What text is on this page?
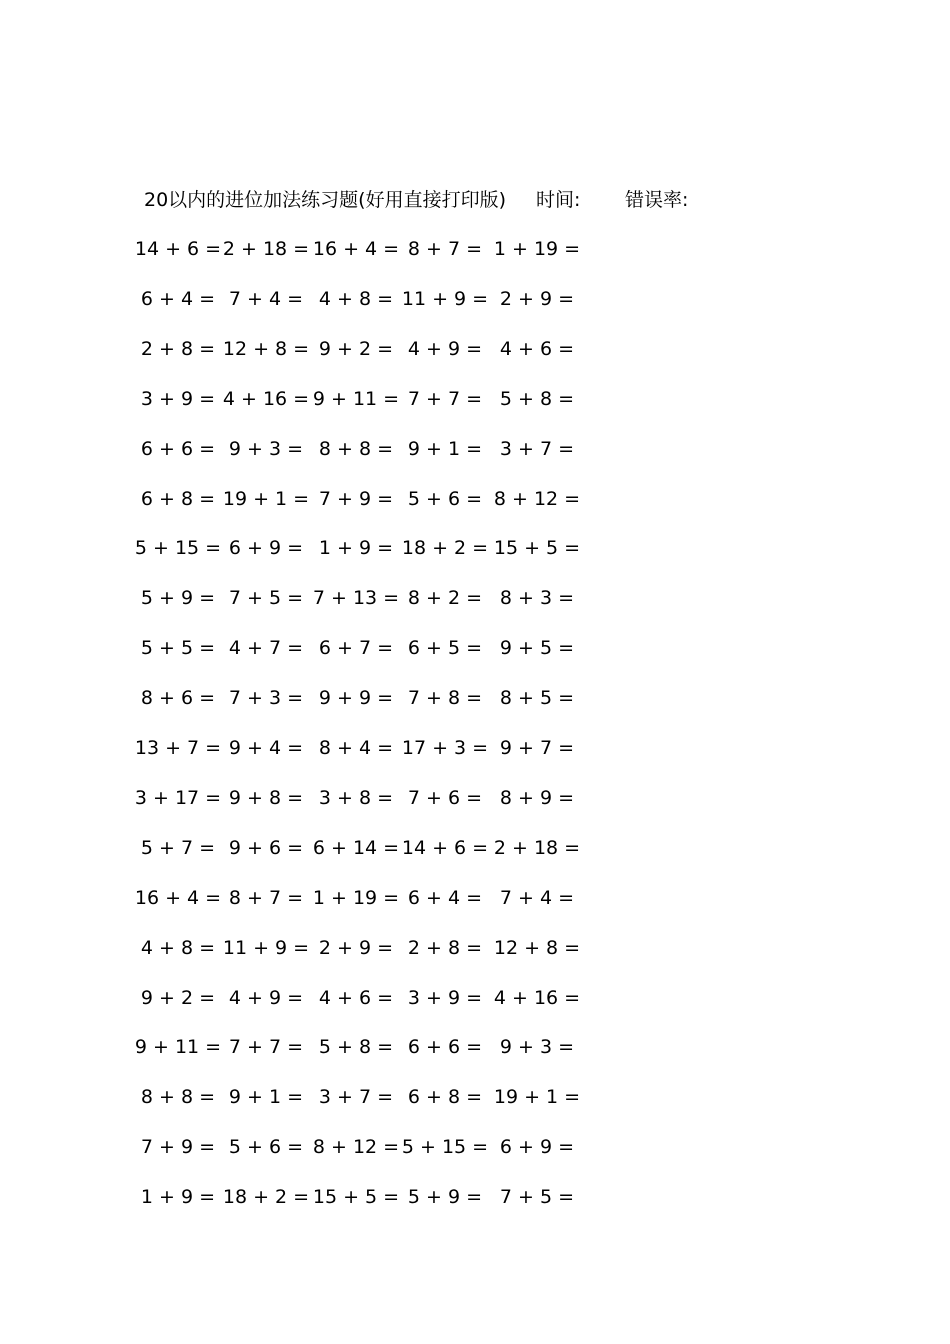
20以内的进位加法练习题(好用直接打印版) 时间: 错误率:
14 + 6 = 2 + 18 = 16 + 4 = 8 + 7 = 1 + 19 =
6 + 4 = 7 + 4 = 4 + 8 = 11 + 9 = 2 + 9 =
2 + 8 = 12 + 8 = 9 + 2 = 4 + 9 = 4 + 6 =
3 + 9 = 4 + 16 = 9 + 11 = 7 + 7 = 5 + 8 =
6 + 6 = 9 + 3 = 8 + 8 = 9 + 1 = 3 + 7 =
6 + 8 = 19 + 1 = 7 + 9 = 5 + 6 = 8 + 12 =
5 + 15 = 6 + 9 = 1 + 9 = 18 + 2 = 15 + 5 =
5 + 9 = 7 + 5 = 7 + 13 = 8 + 2 = 8 + 3 =
5 + 5 = 4 + 7 = 6 + 7 = 6 + 5 = 9 + 5 =
8 + 6 = 7 + 3 = 9 + 9 = 7 + 8 = 8 + 5 =
13 + 7 = 9 + 4 = 8 + 4 = 17 + 3 = 9 + 7 =
3 + 17 = 9 + 8 = 3 + 8 = 7 + 6 = 8 + 9 =
5 + 7 = 9 + 6 = 6 + 14 = 14 + 6 = 2 + 18 =
16 + 4 = 8 + 7 = 1 + 19 = 6 + 4 = 7 + 4 =
4 + 8 = 11 + 9 = 2 + 9 = 2 + 8 = 12 + 8 =
9 + 2 = 4 + 9 = 4 + 6 = 3 + 9 = 4 + 16 =
9 + 11 = 7 + 7 = 5 + 8 = 6 + 6 = 9 + 3 =
8 + 8 = 9 + 1 = 3 + 7 = 6 + 8 = 19 + 1 =
7 + 9 = 5 + 6 = 8 + 12 = 5 + 15 = 6 + 9 =
1 + 9 = 18 + 2 = 15 + 5 = 5 + 9 = 7 + 5 =
